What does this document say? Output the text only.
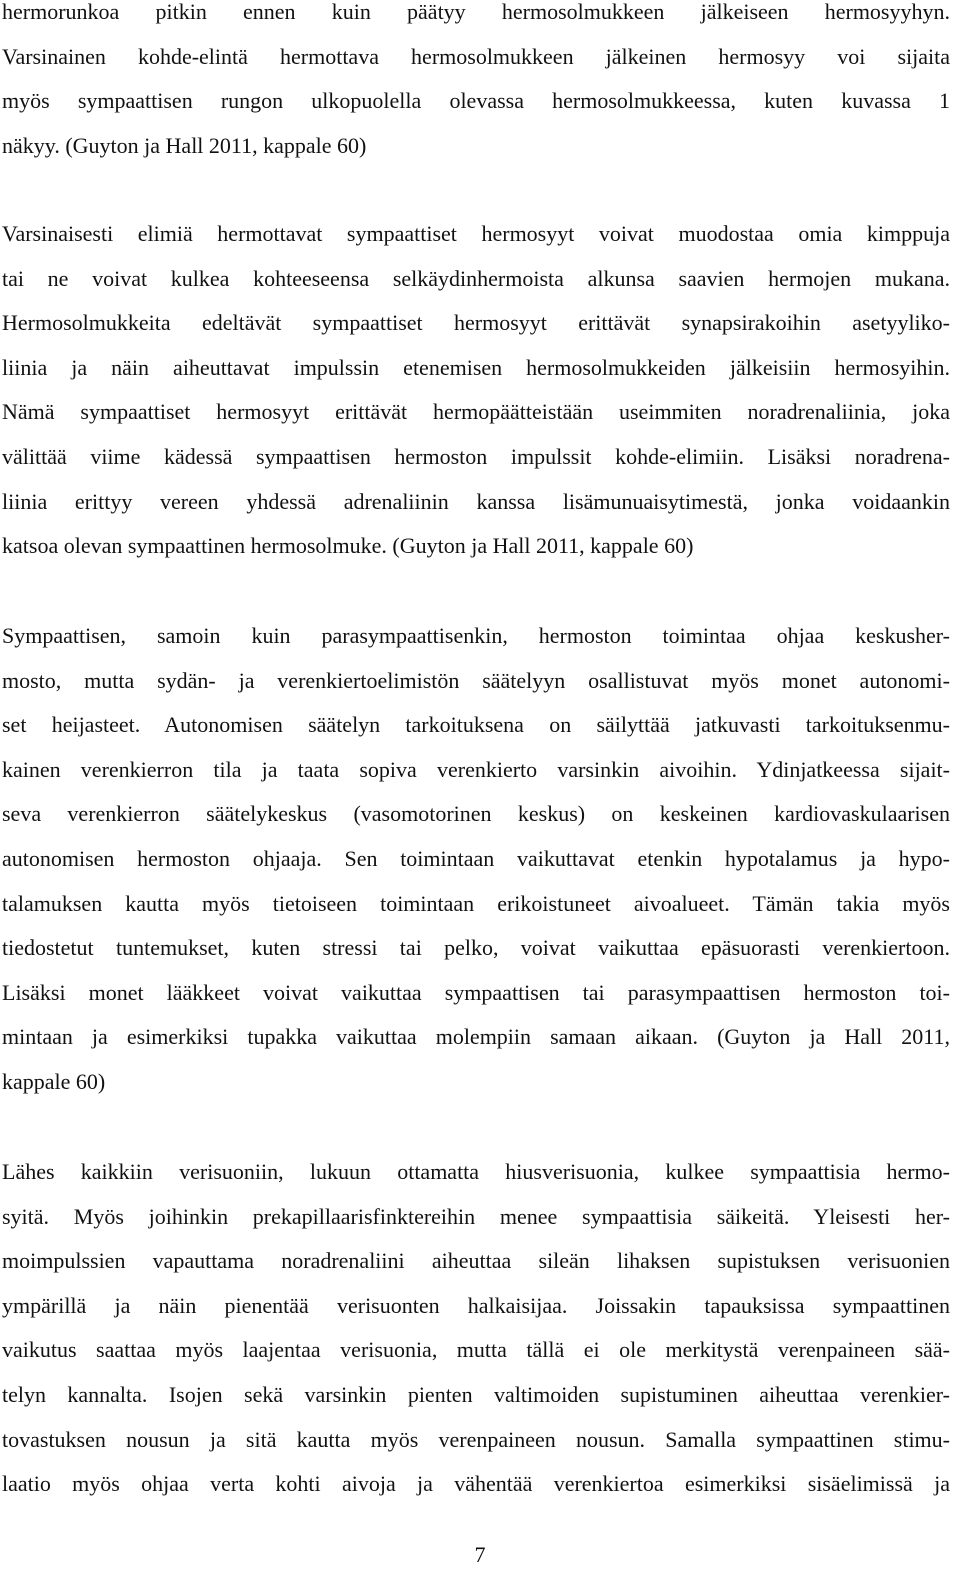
hermorunkoa pitkin ennen kuin päätyy hermosolmukkeen jälkeiseen hermosyyhyn.
Varsinainen kohde-elintä hermottava hermosolmukkeen jälkeinen hermosyy voi sijaita
myös sympaattisen rungon ulkopuolella olevassa hermosolmukkeessa, kuten kuvassa 1
näkyy. (Guyton ja Hall 2011, kappale 60)
Varsinaisesti elimiä hermottavat sympaattiset hermosyyt voivat muodostaa omia kimppuja
tai ne voivat kulkea kohteeseensa selkäydinhermoista alkunsa saavien hermojen mukana.
Hermosolmukkeita edeltävät sympaattiset hermosyyt erittävät synapsirakoihin asetyyliko-
liinia ja näin aiheuttavat impulssin etenemisen hermosolmukkeiden jälkeisiin hermosyihin.
Nämä sympaattiset hermosyyt erittävät hermopäätteistään useimmiten noradrenaliinia, joka
välittää viime kädessä sympaattisen hermoston impulssit kohde-elimiin. Lisäksi noradrena-
liinia erittyy vereen yhdessä adrenaliinin kanssa lisämunuaisytimestä, jonka voidaankin
katsoa olevan sympaattinen hermosolmuke. (Guyton ja Hall 2011, kappale 60)
Sympaattisen, samoin kuin parasympaattisenkin, hermoston toimintaa ohjaa keskusher-
mosto, mutta sydän- ja verenkiertoelimistön säätelyyn osallistuvat myös monet autonomi-
set heijasteet. Autonomisen säätelyn tarkoituksena on säilyttää jatkuvasti tarkoituksenmu-
kainen verenkierron tila ja taata sopiva verenkierto varsinkin aivoihin. Ydinjatkeessa sijait-
seva verenkierron säätelykeskus (vasomotorinen keskus) on keskeinen kardiovaskulaarisen
autonomisen hermoston ohjaaja. Sen toimintaan vaikuttavat etenkin hypotalamus ja hypo-
talamuksen kautta myös tietoiseen toimintaan erikoistuneet aivoalueet. Tämän takia myös
tiedostetut tuntemukset, kuten stressi tai pelko, voivat vaikuttaa epäsuorasti verenkiertoon.
Lisäksi monet lääkkeet voivat vaikuttaa sympaattisen tai parasympaattisen hermoston toi-
mintaan ja esimerkiksi tupakka vaikuttaa molempiin samaan aikaan. (Guyton ja Hall 2011,
kappale 60)
Lähes kaikkiin verisuoniin, lukuun ottamatta hiusverisuonia, kulkee sympaattisia hermo-
syitä. Myös joihinkin prekapillaarisfinktereihin menee sympaattisia säikeitä. Yleisesti her-
moimpulssien vapauttama noradrenaliini aiheuttaa sileän lihaksen supistuksen verisuonien
ympärillä ja näin pienentää verisuonten halkaisijaa. Joissakin tapauksissa sympaattinen
vaikutus saattaa myös laajentaa verisuonia, mutta tällä ei ole merkitystä verenpaineen sää-
telyn kannalta. Isojen sekä varsinkin pienten valtimoiden supistuminen aiheuttaa verenkier-
tovastuksen nousun ja sitä kautta myös verenpaineen nousun. Samalla sympaattinen stimu-
laatio myös ohjaa verta kohti aivoja ja vähentää verenkiertoa esimerkiksi sisäelimissä ja
7
